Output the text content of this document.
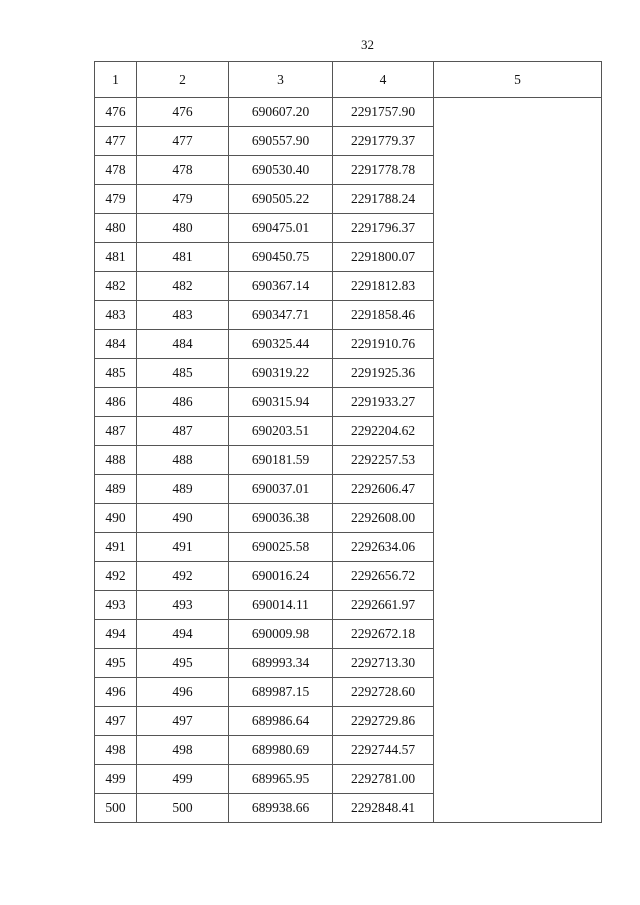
32
1	2	3	4	5
476	476	690607.20	2291757.90	
477	477	690557.90	2291779.37	
478	478	690530.40	2291778.78	
479	479	690505.22	2291788.24	
480	480	690475.01	2291796.37	
481	481	690450.75	2291800.07	
482	482	690367.14	2291812.83	
483	483	690347.71	2291858.46	
484	484	690325.44	2291910.76	
485	485	690319.22	2291925.36	
486	486	690315.94	2291933.27	
487	487	690203.51	2292204.62	
488	488	690181.59	2292257.53	
489	489	690037.01	2292606.47	
490	490	690036.38	2292608.00	
491	491	690025.58	2292634.06	
492	492	690016.24	2292656.72	
493	493	690014.11	2292661.97	
494	494	690009.98	2292672.18	
495	495	689993.34	2292713.30	
496	496	689987.15	2292728.60	
497	497	689986.64	2292729.86	
498	498	689980.69	2292744.57	
499	499	689965.95	2292781.00	
500	500	689938.66	2292848.41	
